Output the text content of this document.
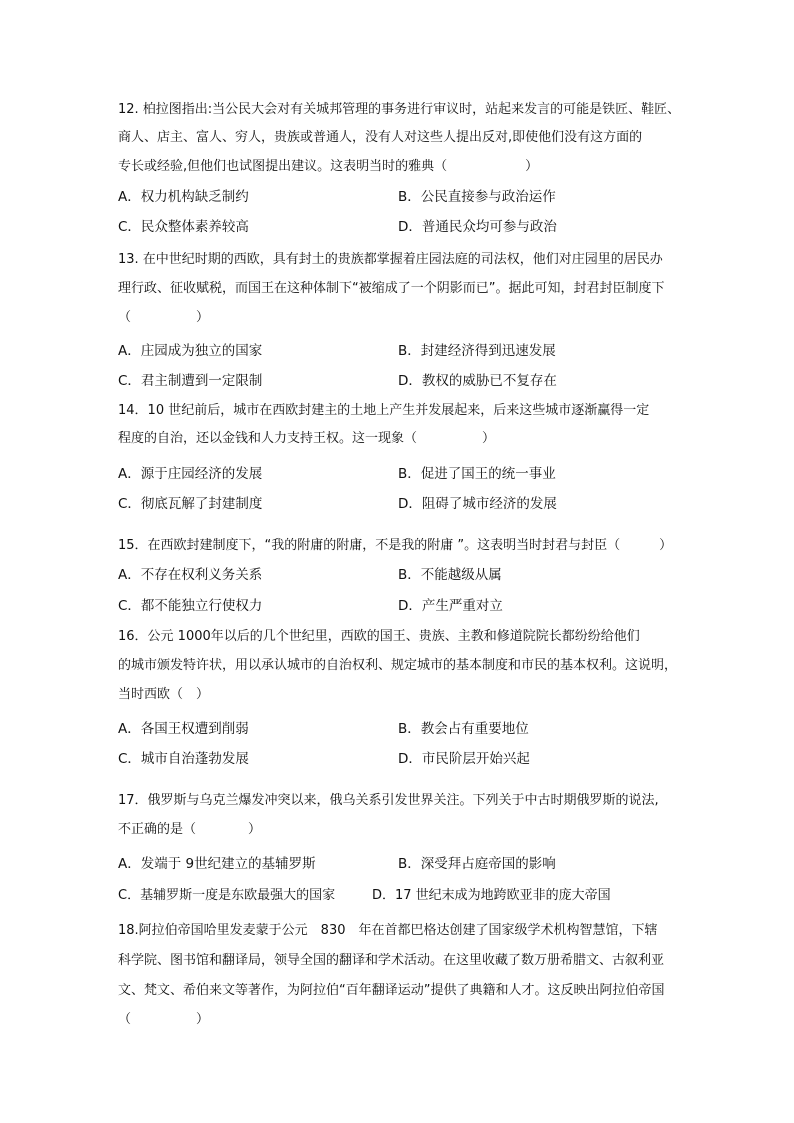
12. 柏拉图指出:当公民大会对有关城邦管理的事务进行审议时，站起来发言的可能是铁匠、鞋匠、

商人、店主、富人、穷人，贵族或普通人，没有人对这些人提出反对,即使他们没有这方面的

专长或经验,但他们也试图提出建议。这表明当时的雅典（　　　　　　）

A．权力机构缺乏制约	B．公民直接参与政治运作

C．民众整体素养较高	D．普通民众均可参与政治

13. 在中世纪时期的西欧，具有封土的贵族都掌握着庄园法庭的司法权，他们对庄园里的居民办

理行政、征收赋税，而国王在这种体制下“被缩成了一个阴影而已”。据此可知，封君封臣制度下

（　　　　　）

A．庄园成为独立的国家	B．封建经济得到迅速发展

C．君主制遭到一定限制	D．教权的威胁已不复存在

14．10 世纪前后，城市在西欧封建主的土地上产生并发展起来，后来这些城市逐渐赢得一定

程度的自治，还以金钱和人力支持王权。这一现象（　　　　　）

A．源于庄园经济的发展	B．促进了国王的统一事业

C．彻底瓦解了封建制度	D．阻碍了城市经济的发展

15．在西欧封建制度下，“我的附庸的附庸，不是我的附庸 ”。这表明当时封君与封臣（　　　）

A．不存在权利义务关系	B．不能越级从属

C．都不能独立行使权力	D．产生严重对立

16．公元 1000年以后的几个世纪里，西欧的国王、贵族、主教和修道院院长都纷纷给他们

的城市颁发特许状，用以承认城市的自治权利、规定城市的基本制度和市民的基本权利。这说明，

当时西欧（　）

A．各国王权遭到削弱	B．教会占有重要地位

C．城市自治蓬勃发展	D．市民阶层开始兴起

17．俄罗斯与乌克兰爆发冲突以来，俄乌关系引发世界关注。下列关于中古时期俄罗斯的说法,

不正确的是（　　　　）

A．发端于 9世纪建立的基辅罗斯	B．深受拜占庭帝国的影响

C．基辅罗斯一度是东欧最强大的国家	D．17 世纪末成为地跨欧亚非的庞大帝国

18.阿拉伯帝国哈里发麦蒙于公元　830　年在首都巴格达创建了国家级学术机构智慧馆，下辖

科学院、图书馆和翻译局，领导全国的翻译和学术活动。在这里收藏了数万册希腊文、古叙利亚

文、梵文、希伯来文等著作，为阿拉伯“百年翻译运动”提供了典籍和人才。这反映出阿拉伯帝国

（　　　　　）
